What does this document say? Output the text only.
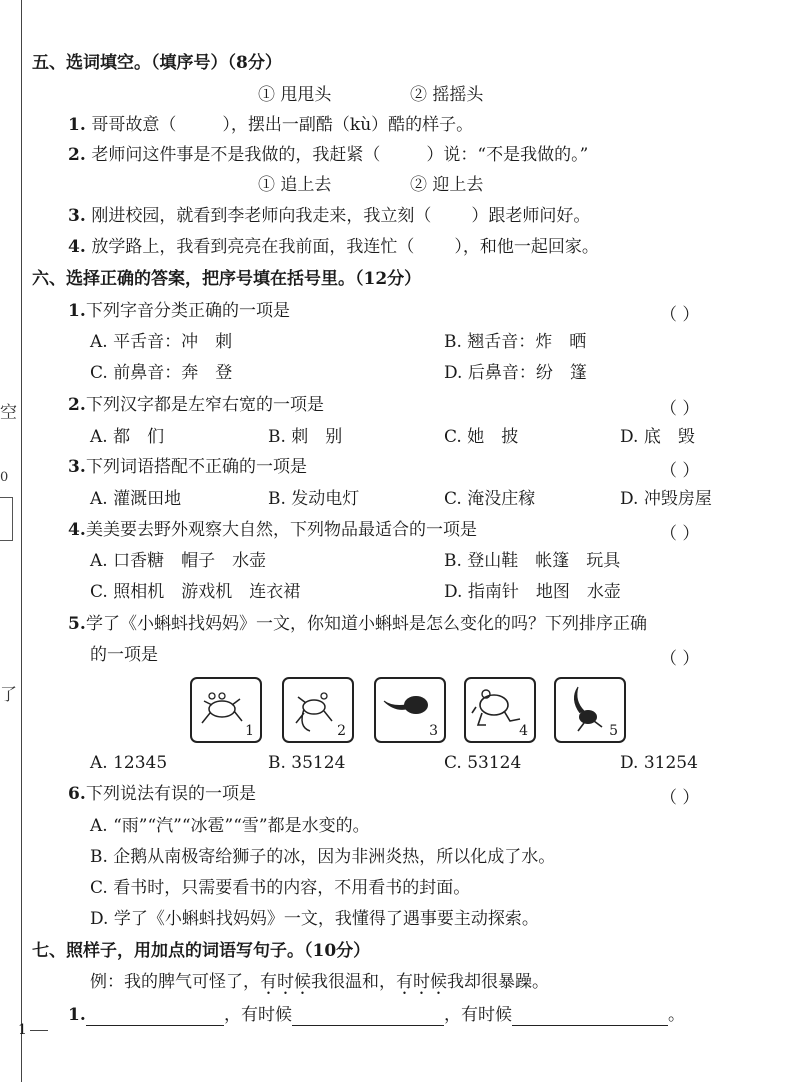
空
0
了
五、选词填空。（填序号）（8分）
① 甩甩头	② 摇摇头
1. 哥哥故意（	），摆出一副酷（kù）酷的样子。
2. 老师问这件事是不是我做的，我赶紧（	）说：“不是我做的。”
① 追上去	② 迎上去
3. 刚进校园，就看到李老师向我走来，我立刻（ ）跟老师问好。
4. 放学路上，我看到亮亮在我前面，我连忙（ ），和他一起回家。
六、选择正确的答案，把序号填在括号里。（12分）
1.下列字音分类正确的一项是	（ ）
A. 平舌音：冲　刺	B. 翘舌音：炸　晒
C. 前鼻音：奔　登	D. 后鼻音：纷　篷
2.下列汉字都是左窄右宽的一项是	（ ）
A. 都　们	B. 刺　别	C. 她　披	D. 底　毁
3.下列词语搭配不正确的一项是	（ ）
A. 灌溉田地	B. 发动电灯	C. 淹没庄稼	D. 冲毁房屋
4.美美要去野外观察大自然，下列物品最适合的一项是	（ ）
A. 口香糖　帽子　水壶	B. 登山鞋　帐篷　玩具
C. 照相机　游戏机　连衣裙	D. 指南针　地图　水壶
5.学了《小蝌蚪找妈妈》一文，你知道小蝌蚪是怎么变化的吗？下列排序正确
的一项是	（ ）
1	2	3	4	5
A. 12345	B. 35124	C. 53124	D. 31254
6.下列说法有误的一项是	（ ）
A. “雨”“汽”“冰雹”“雪”都是水变的。
B. 企鹅从南极寄给狮子的冰，因为非洲炎热，所以化成了水。
C. 看书时，只需要看书的内容，不用看书的封面。
D. 学了《小蝌蚪找妈妈》一文，我懂得了遇事要主动探索。
七、照样子，用加点的词语写句子。（10分）
例：我的脾气可怪了，有时候我很温和，有时候我却很暴躁。
1.	，有时候	，有时候	。
1
